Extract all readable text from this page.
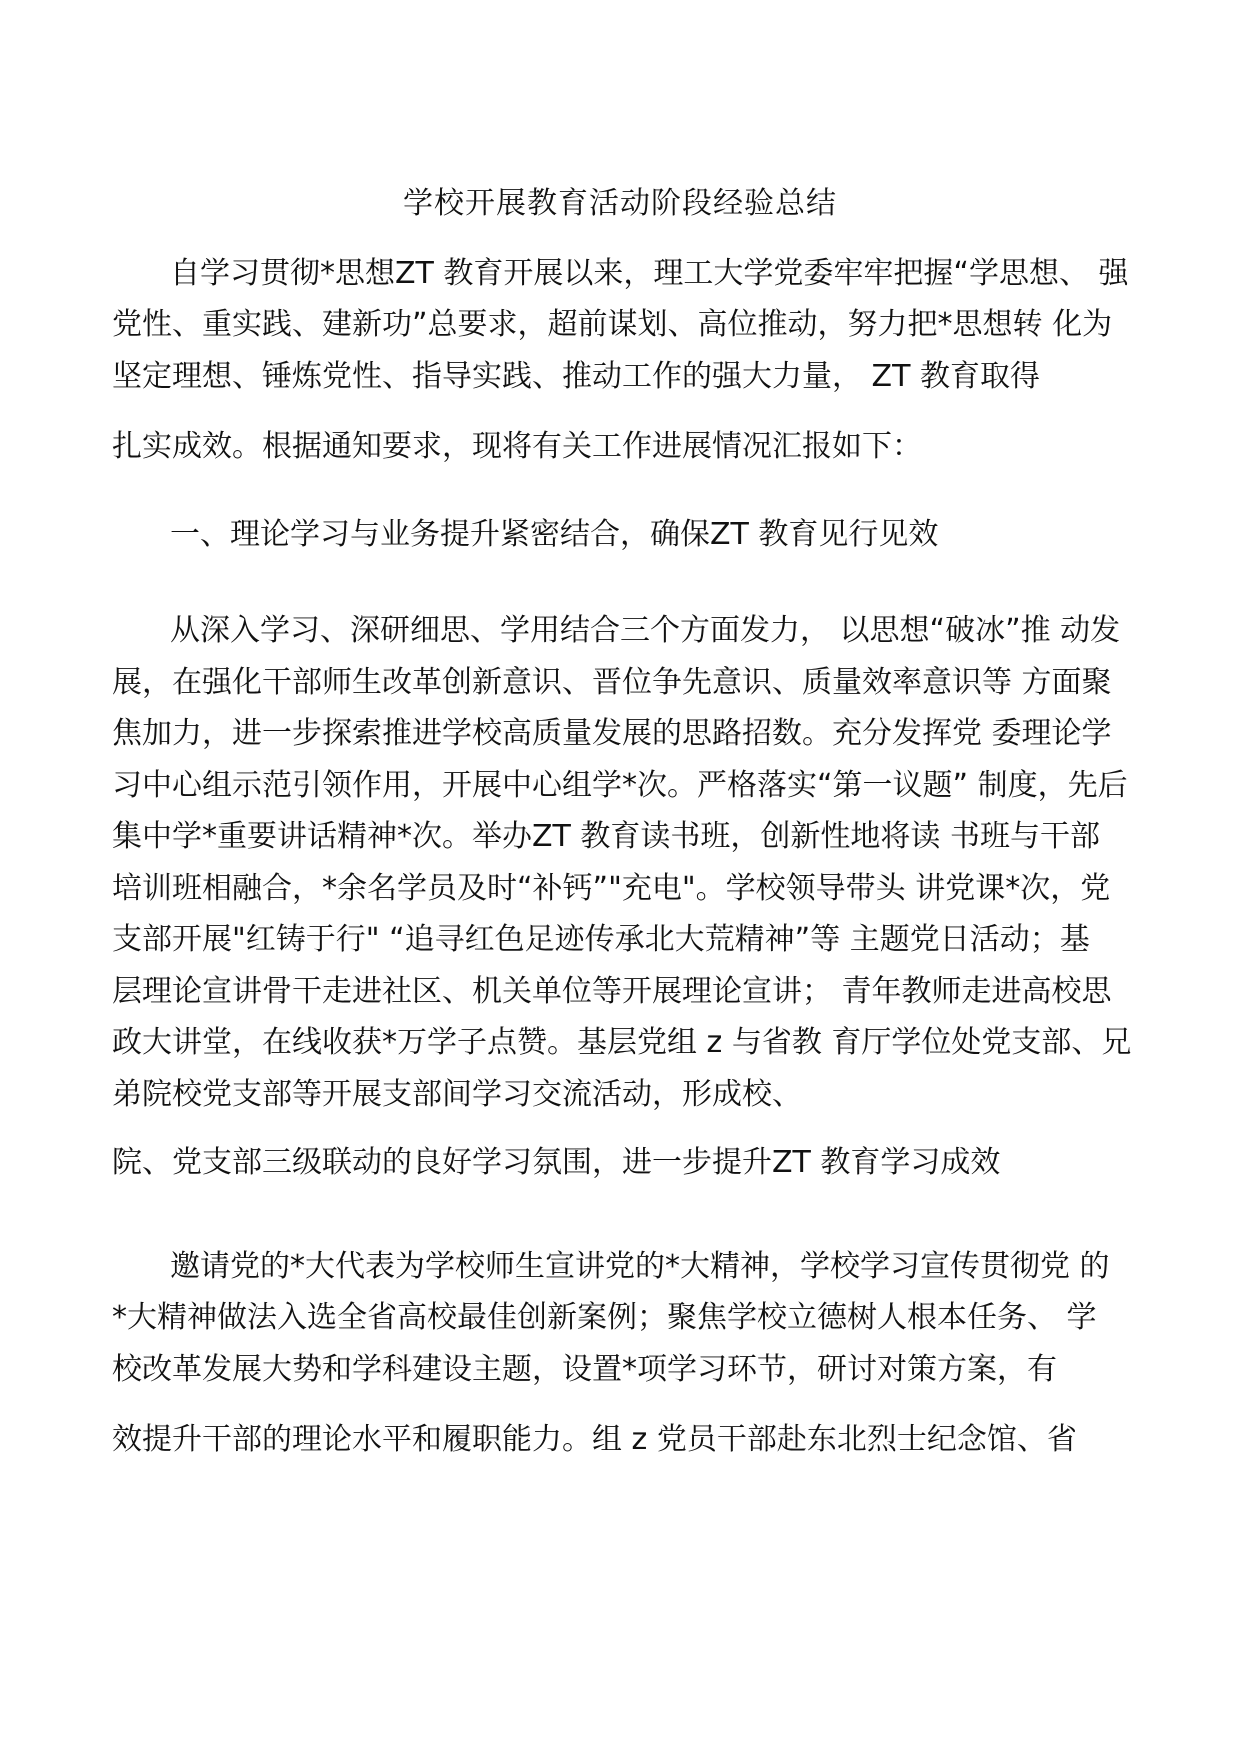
学校开展教育活动阶段经验总结

自学习贯彻*思想ZT 教育开展以来，理工大学党委牢牢把握“学思想、 强

党性、重实践、建新功”总要求，超前谋划、高位推动，努力把*思想转 化为

坚定理想、锤炼党性、指导实践、推动工作的强大力量， ZT 教育取得

扎实成效。根据通知要求，现将有关工作进展情况汇报如下：

一、理论学习与业务提升紧密结合，确保ZT 教育见行见效

从深入学习、深研细思、学用结合三个方面发力， 以思想“破冰”推 动发

展，在强化干部师生改革创新意识、晋位争先意识、质量效率意识等 方面聚

焦加力，进一步探索推进学校高质量发展的思路招数。充分发挥党 委理论学

习中心组示范引领作用，开展中心组学*次。严格落实“第一议题” 制度，先后

集中学*重要讲话精神*次。举办ZT 教育读书班，创新性地将读 书班与干部

培训班相融合，*余名学员及时“补钙”"充电"。学校领导带头 讲党课*次，党

支部开展"红铸于行" “追寻红色足迹传承北大荒精神”等 主题党日活动；基

层理论宣讲骨干走进社区、机关单位等开展理论宣讲； 青年教师走进高校思

政大讲堂，在线收获*万学子点赞。基层党组 z 与省教 育厅学位处党支部、兄

弟院校党支部等开展支部间学习交流活动，形成校、

院、党支部三级联动的良好学习氛围，进一步提升ZT 教育学习成效

邀请党的*大代表为学校师生宣讲党的*大精神，学校学习宣传贯彻党 的

*大精神做法入选全省高校最佳创新案例；聚焦学校立德树人根本任务、 学

校改革发展大势和学科建设主题，设置*项学习环节，研讨对策方案，有

效提升干部的理论水平和履职能力。组 z 党员干部赴东北烈士纪念馆、省
